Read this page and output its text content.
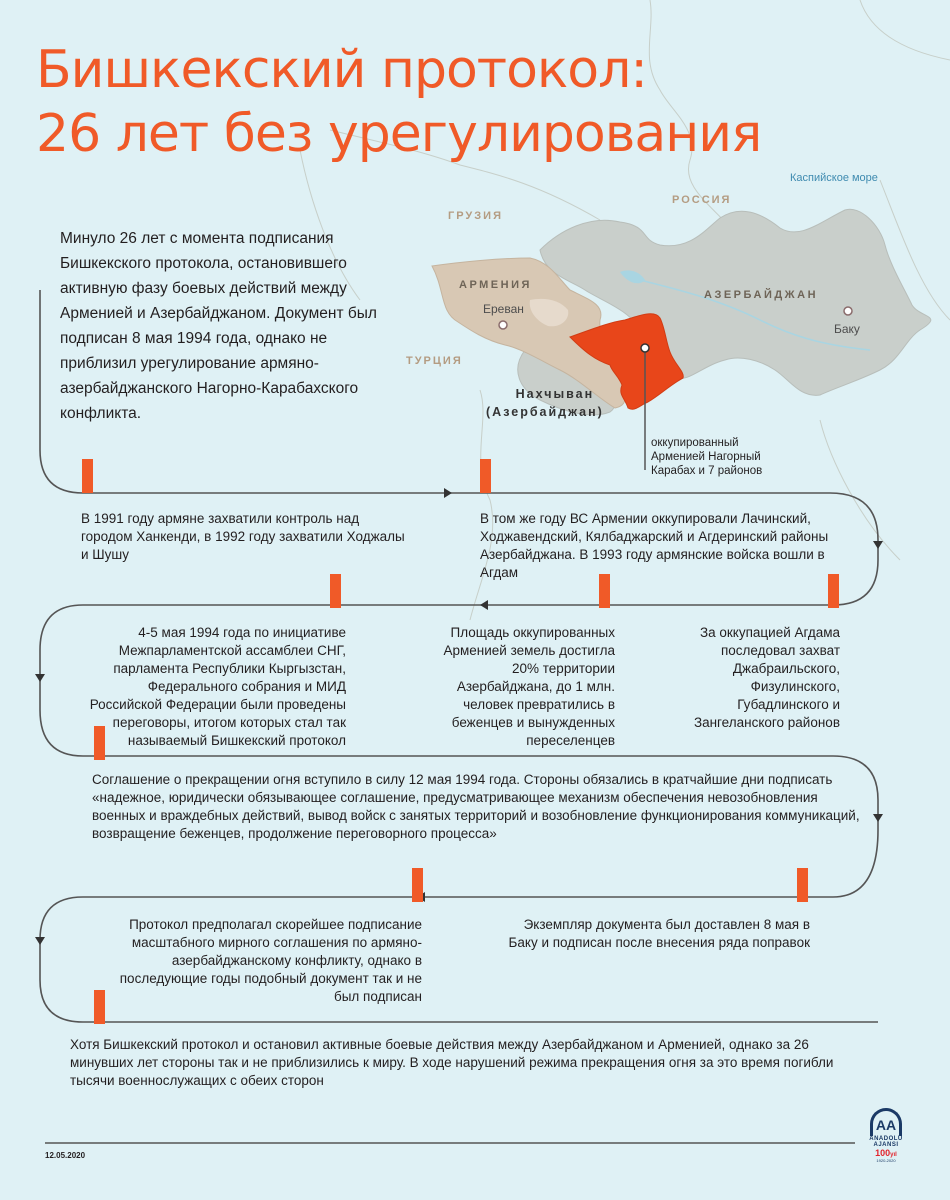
Бишкекский протокол:
26 лет без урегулирования
Каспийское море
РОССИЯ
ГРУЗИЯ
АРМЕНИЯ
АЗЕРБАЙДЖАН
ТУРЦИЯ
Ереван
Баку
Нахчыван
(Азербайджан)
оккупированный
Арменией Нагорный
Карабах и 7 районов
Минуло 26 лет с момента подписания Бишкекского протокола, остановившего активную фазу боевых действий между Арменией и Азербайджаном. Документ был подписан 8 мая 1994 года, однако не приблизил урегулирование армяно-азербайджанского Нагорно-Карабахского конфликта.
В 1991 году армяне захватили контроль над городом Ханкенди, в 1992 году захватили Ходжалы и Шушу
В том же году ВС Армении оккупировали Лачинский, Ходжавендский, Кялбаджарский и Агдеринский районы Азербайджана. В 1993 году армянские войска вошли в Агдам
За оккупацией Агдама последовал захват Джабраильского, Физулинского, Губадлинского и Зангеланского районов
Площадь оккупированных Арменией земель достигла 20% территории Азербайджана, до 1 млн. человек превратились в беженцев и вынужденных переселенцев
4-5 мая 1994 года по инициативе Межпарламентской ассамблеи СНГ, парламента Республики Кыргызстан, Федерального собрания и МИД Российской Федерации были проведены переговоры, итогом которых стал так называемый Бишкекский протокол
Соглашение о прекращении огня вступило в силу 12 мая 1994 года. Стороны обязались в кратчайшие дни подписать «надежное, юридически обязывающее соглашение, предусматривающее механизм обеспечения невозобновления военных и враждебных действий, вывод войск с занятых территорий и возобновление функционирования коммуникаций, возвращение беженцев, продолжение переговорного процесса»
Экземпляр документа был доставлен 8 мая в Баку и подписан после внесения ряда поправок
Протокол предполагал скорейшее подписание масштабного мирного соглашения по армяно-азербайджанскому конфликту, однако в последующие годы подобный документ так и не был подписан
Хотя Бишкекский протокол и остановил активные боевые действия между Азербайджаном и Арменией, однако за 26 минувших лет стороны так и не приблизились к миру. В ходе нарушений режима прекращения огня за это время погибли тысячи военнослужащих с обеих сторон
12.05.2020
AA
ANADOLU AJANSI
100yıl
1920-2020
